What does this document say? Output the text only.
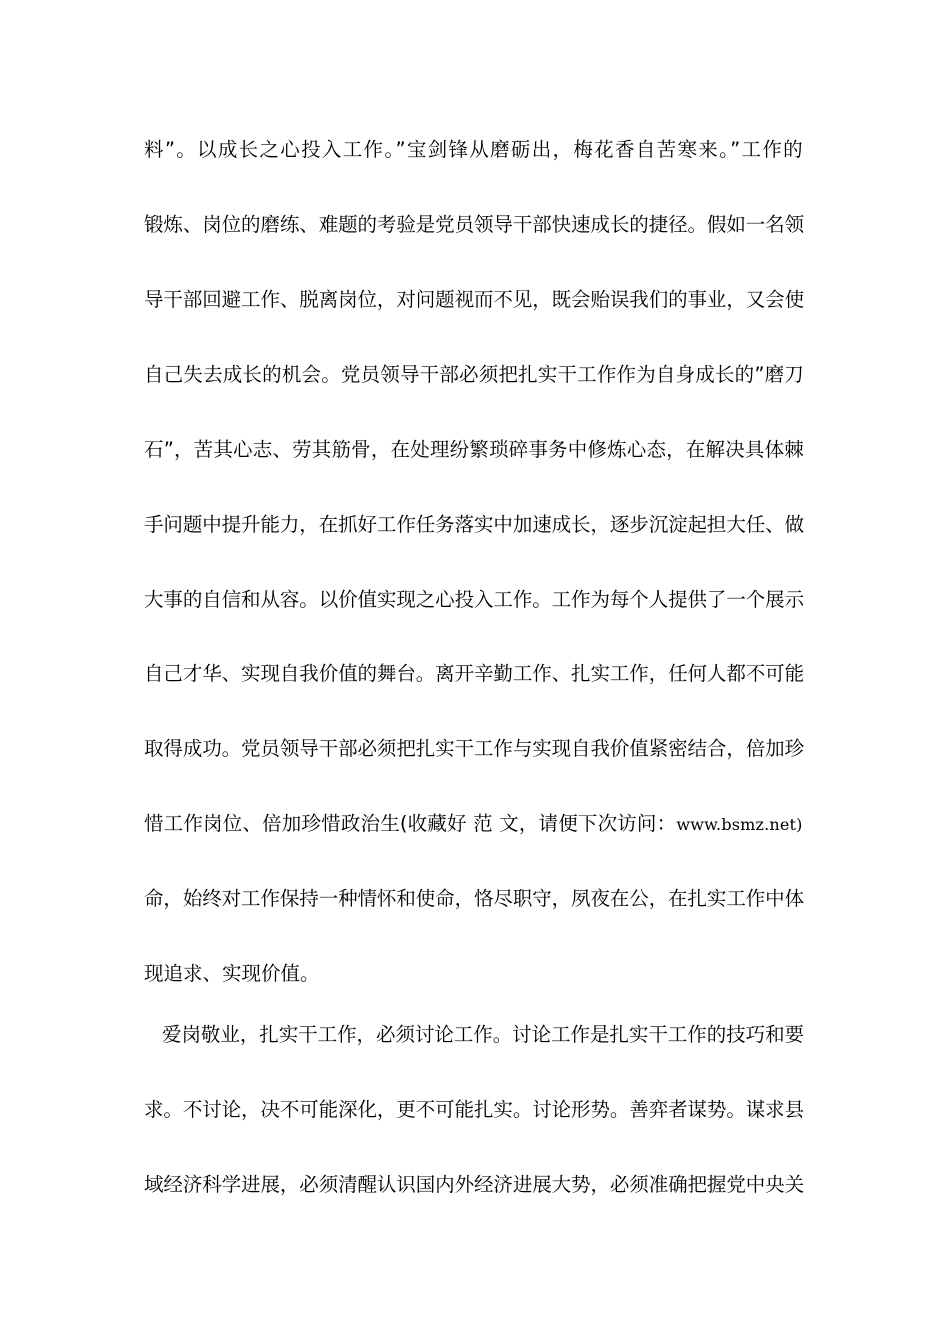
料”。以成长之心投入工作。”宝剑锋从磨砺出，梅花香自苦寒来。”工作的
锻炼、岗位的磨练、难题的考验是党员领导干部快速成长的捷径。假如一名领
导干部回避工作、脱离岗位，对问题视而不见，既会贻误我们的事业，又会使
自己失去成长的机会。党员领导干部必须把扎实干工作作为自身成长的”磨刀
石”，苦其心志、劳其筋骨，在处理纷繁琐碎事务中修炼心态，在解决具体棘
手问题中提升能力，在抓好工作任务落实中加速成长，逐步沉淀起担大任、做
大事的自信和从容。以价值实现之心投入工作。工作为每个人提供了一个展示
自己才华、实现自我价值的舞台。离开辛勤工作、扎实工作，任何人都不可能
取得成功。党员领导干部必须把扎实干工作与实现自我价值紧密结合，倍加珍
惜工作岗位、倍加珍惜政治生(收藏好 范 文，请便下次访问：www.bsmz.net)
命，始终对工作保持一种情怀和使命，恪尽职守，夙夜在公，在扎实工作中体
现追求、实现价值。
爱岗敬业，扎实干工作，必须讨论工作。讨论工作是扎实干工作的技巧和要
求。不讨论，决不可能深化，更不可能扎实。讨论形势。善弈者谋势。谋求县
域经济科学进展，必须清醒认识国内外经济进展大势，必须准确把握党中央关
